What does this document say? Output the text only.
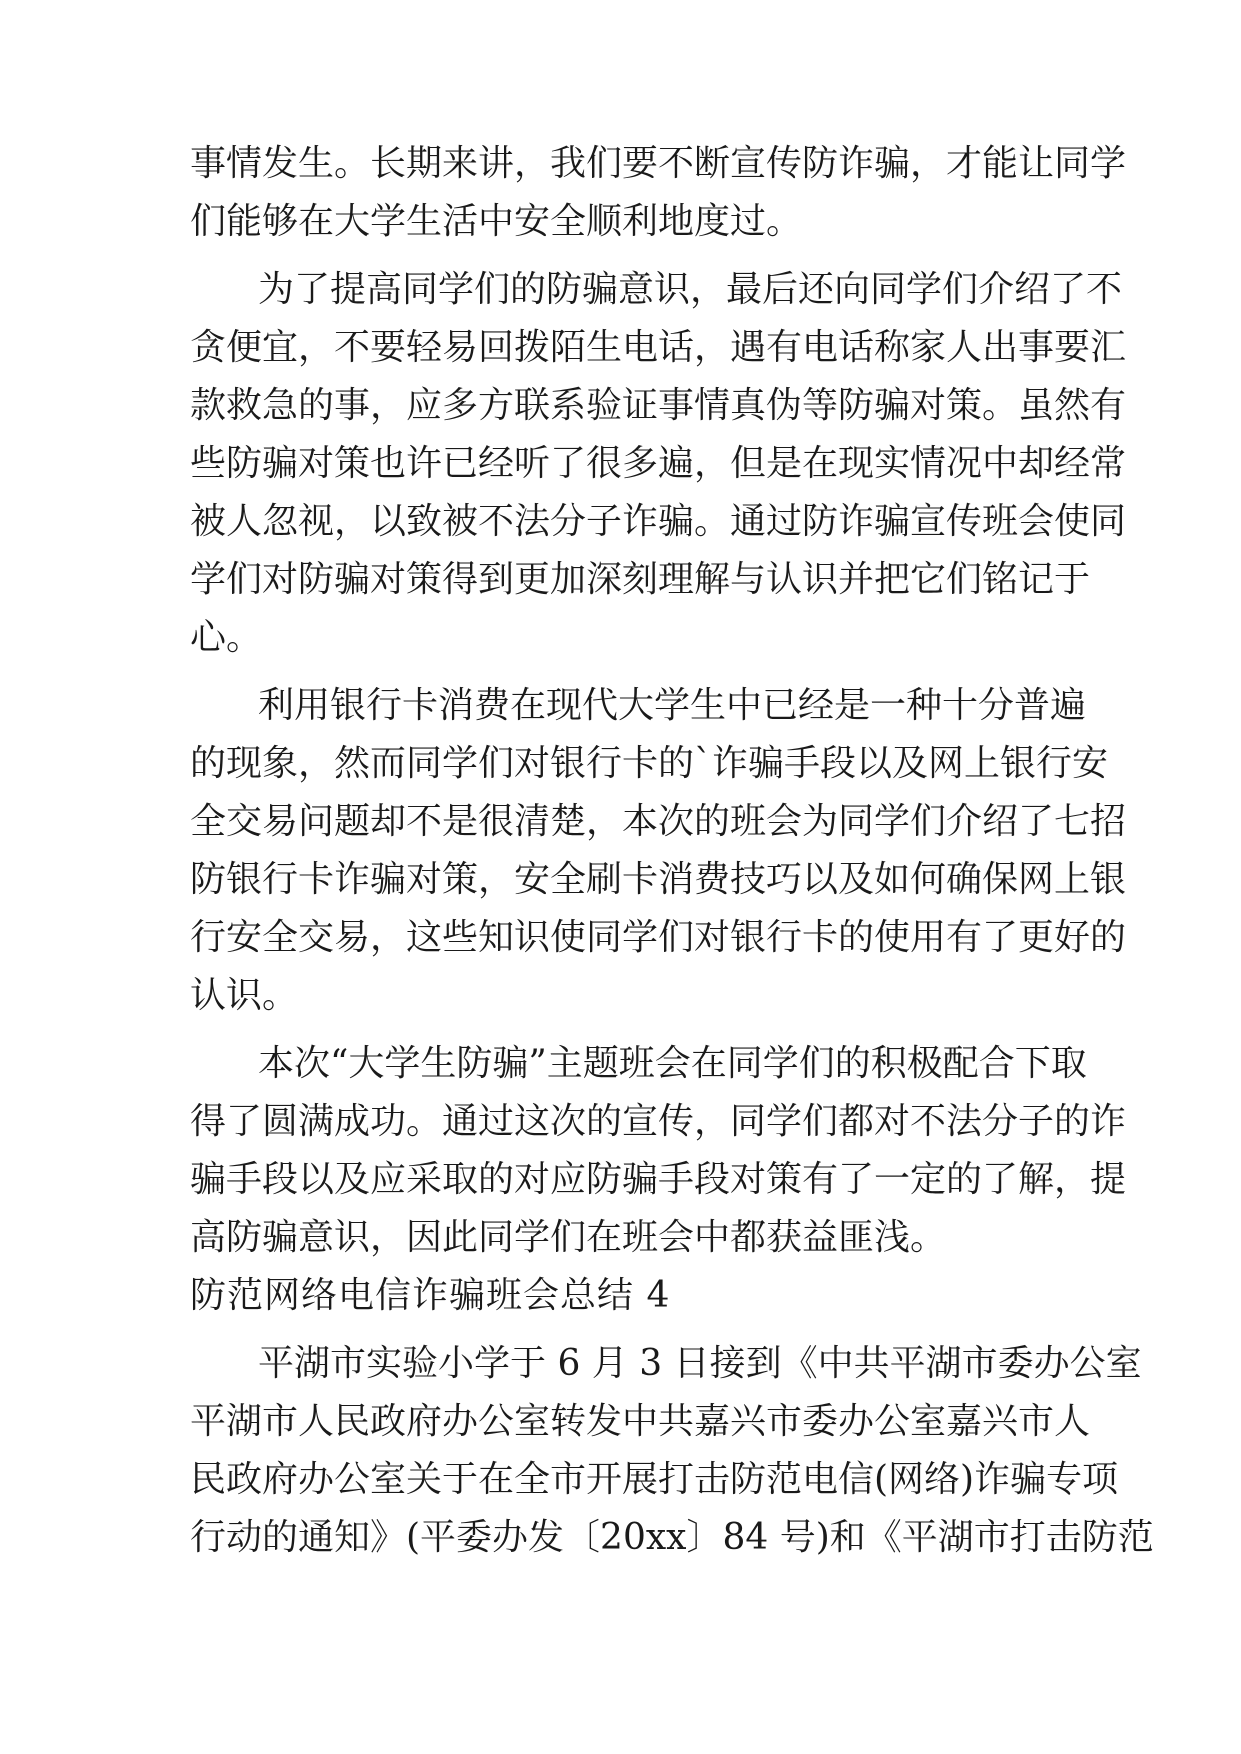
事情发生。长期来讲，我们要不断宣传防诈骗，才能让同学
们能够在大学生活中安全顺利地度过。
为了提高同学们的防骗意识，最后还向同学们介绍了不
贪便宜，不要轻易回拨陌生电话，遇有电话称家人出事要汇
款救急的事，应多方联系验证事情真伪等防骗对策。虽然有
些防骗对策也许已经听了很多遍，但是在现实情况中却经常
被人忽视，以致被不法分子诈骗。通过防诈骗宣传班会使同
学们对防骗对策得到更加深刻理解与认识并把它们铭记于
心。
利用银行卡消费在现代大学生中已经是一种十分普遍
的现象，然而同学们对银行卡的`诈骗手段以及网上银行安
全交易问题却不是很清楚，本次的班会为同学们介绍了七招
防银行卡诈骗对策，安全刷卡消费技巧以及如何确保网上银
行安全交易，这些知识使同学们对银行卡的使用有了更好的
认识。
本次“大学生防骗”主题班会在同学们的积极配合下取
得了圆满成功。通过这次的宣传，同学们都对不法分子的诈
骗手段以及应采取的对应防骗手段对策有了一定的了解，提
高防骗意识，因此同学们在班会中都获益匪浅。
防范网络电信诈骗班会总结 4
平湖市实验小学于 6 月 3 日接到《中共平湖市委办公室
平湖市人民政府办公室转发中共嘉兴市委办公室嘉兴市人
民政府办公室关于在全市开展打击防范电信(网络)诈骗专项
行动的通知》(平委办发〔20xx〕84 号)和《平湖市打击防范
